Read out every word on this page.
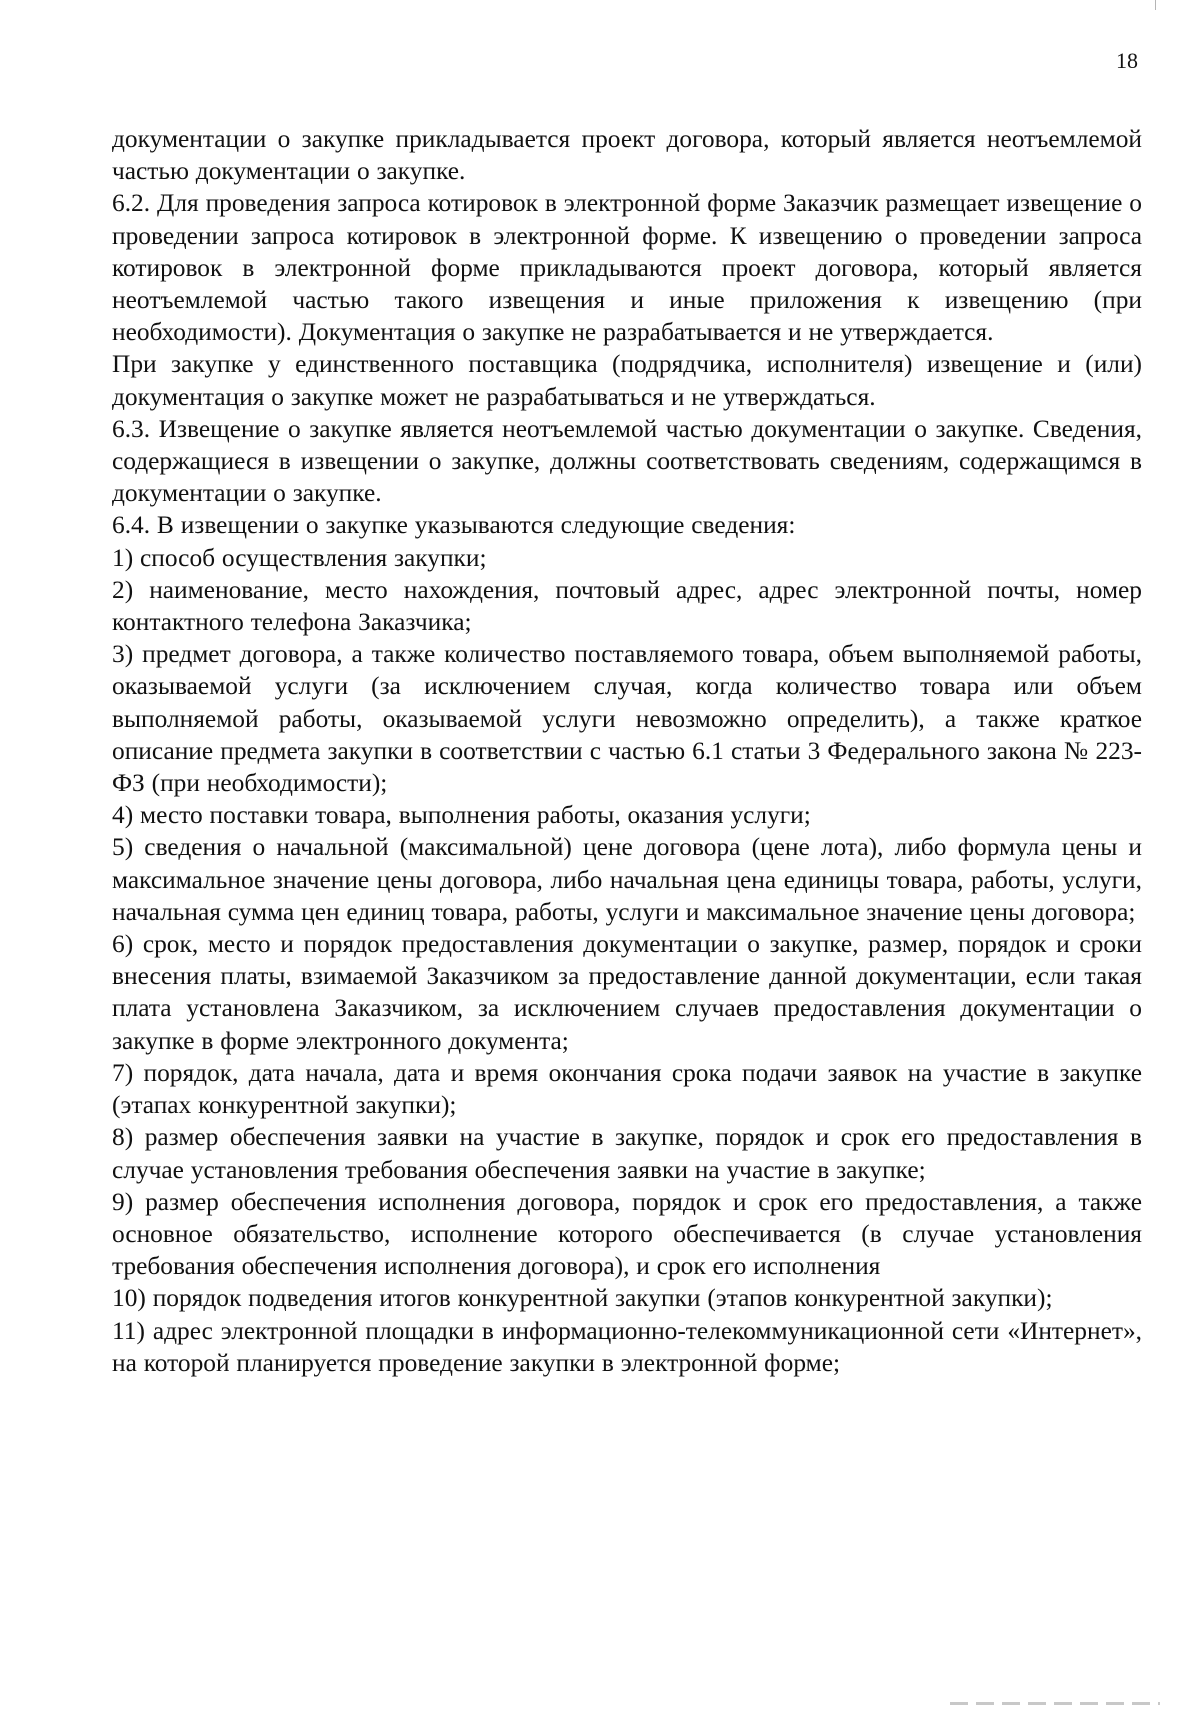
18

документации о закупке прикладывается проект договора, который является неотъемлемой частью документации о закупке.

6.2. Для проведения запроса котировок в электронной форме Заказчик размещает извещение о проведении запроса котировок в электронной форме. К извещению о проведении запроса котировок в электронной форме прикладываются проект договора, который является неотъемлемой частью такого извещения и иные приложения к извещению (при необходимости). Документация о закупке не разрабатывается и не утверждается.

При закупке у единственного поставщика (подрядчика, исполнителя) извещение и (или) документация о закупке может не разрабатываться и не утверждаться.

6.3. Извещение о закупке является неотъемлемой частью документации о закупке. Сведения, содержащиеся в извещении о закупке, должны соответствовать сведениям, содержащимся в документации о закупке.

6.4. В извещении о закупке указываются следующие сведения:

1) способ осуществления закупки;

2) наименование, место нахождения, почтовый адрес, адрес электронной почты, номер контактного телефона Заказчика;

3) предмет договора, а также количество поставляемого товара, объем выполняемой работы, оказываемой услуги (за исключением случая, когда количество товара или объем выполняемой работы, оказываемой услуги невозможно определить), а также краткое описание предмета закупки в соответствии с частью 6.1 статьи 3 Федерального закона № 223-ФЗ (при необходимости);

4) место поставки товара, выполнения работы, оказания услуги;

5) сведения о начальной (максимальной) цене договора (цене лота), либо формула цены и максимальное значение цены договора, либо начальная цена единицы товара, работы, услуги, начальная сумма цен единиц товара, работы, услуги и максимальное значение цены договора;

6) срок, место и порядок предоставления документации о закупке, размер, порядок и сроки внесения платы, взимаемой Заказчиком за предоставление данной документации, если такая плата установлена Заказчиком, за исключением случаев предоставления документации о закупке в форме электронного документа;

7) порядок, дата начала, дата и время окончания срока подачи заявок на участие в закупке (этапах конкурентной закупки);

8) размер обеспечения заявки на участие в закупке, порядок и срок его предоставления в случае установления требования обеспечения заявки на участие в закупке;

9) размер обеспечения исполнения договора, порядок и срок его предоставления, а также основное обязательство, исполнение которого обеспечивается (в случае установления требования обеспечения исполнения договора), и срок его исполнения

10) порядок подведения итогов конкурентной закупки (этапов конкурентной закупки);

11) адрес электронной площадки в информационно-телекоммуникационной сети «Интернет», на которой планируется проведение закупки в электронной форме;
